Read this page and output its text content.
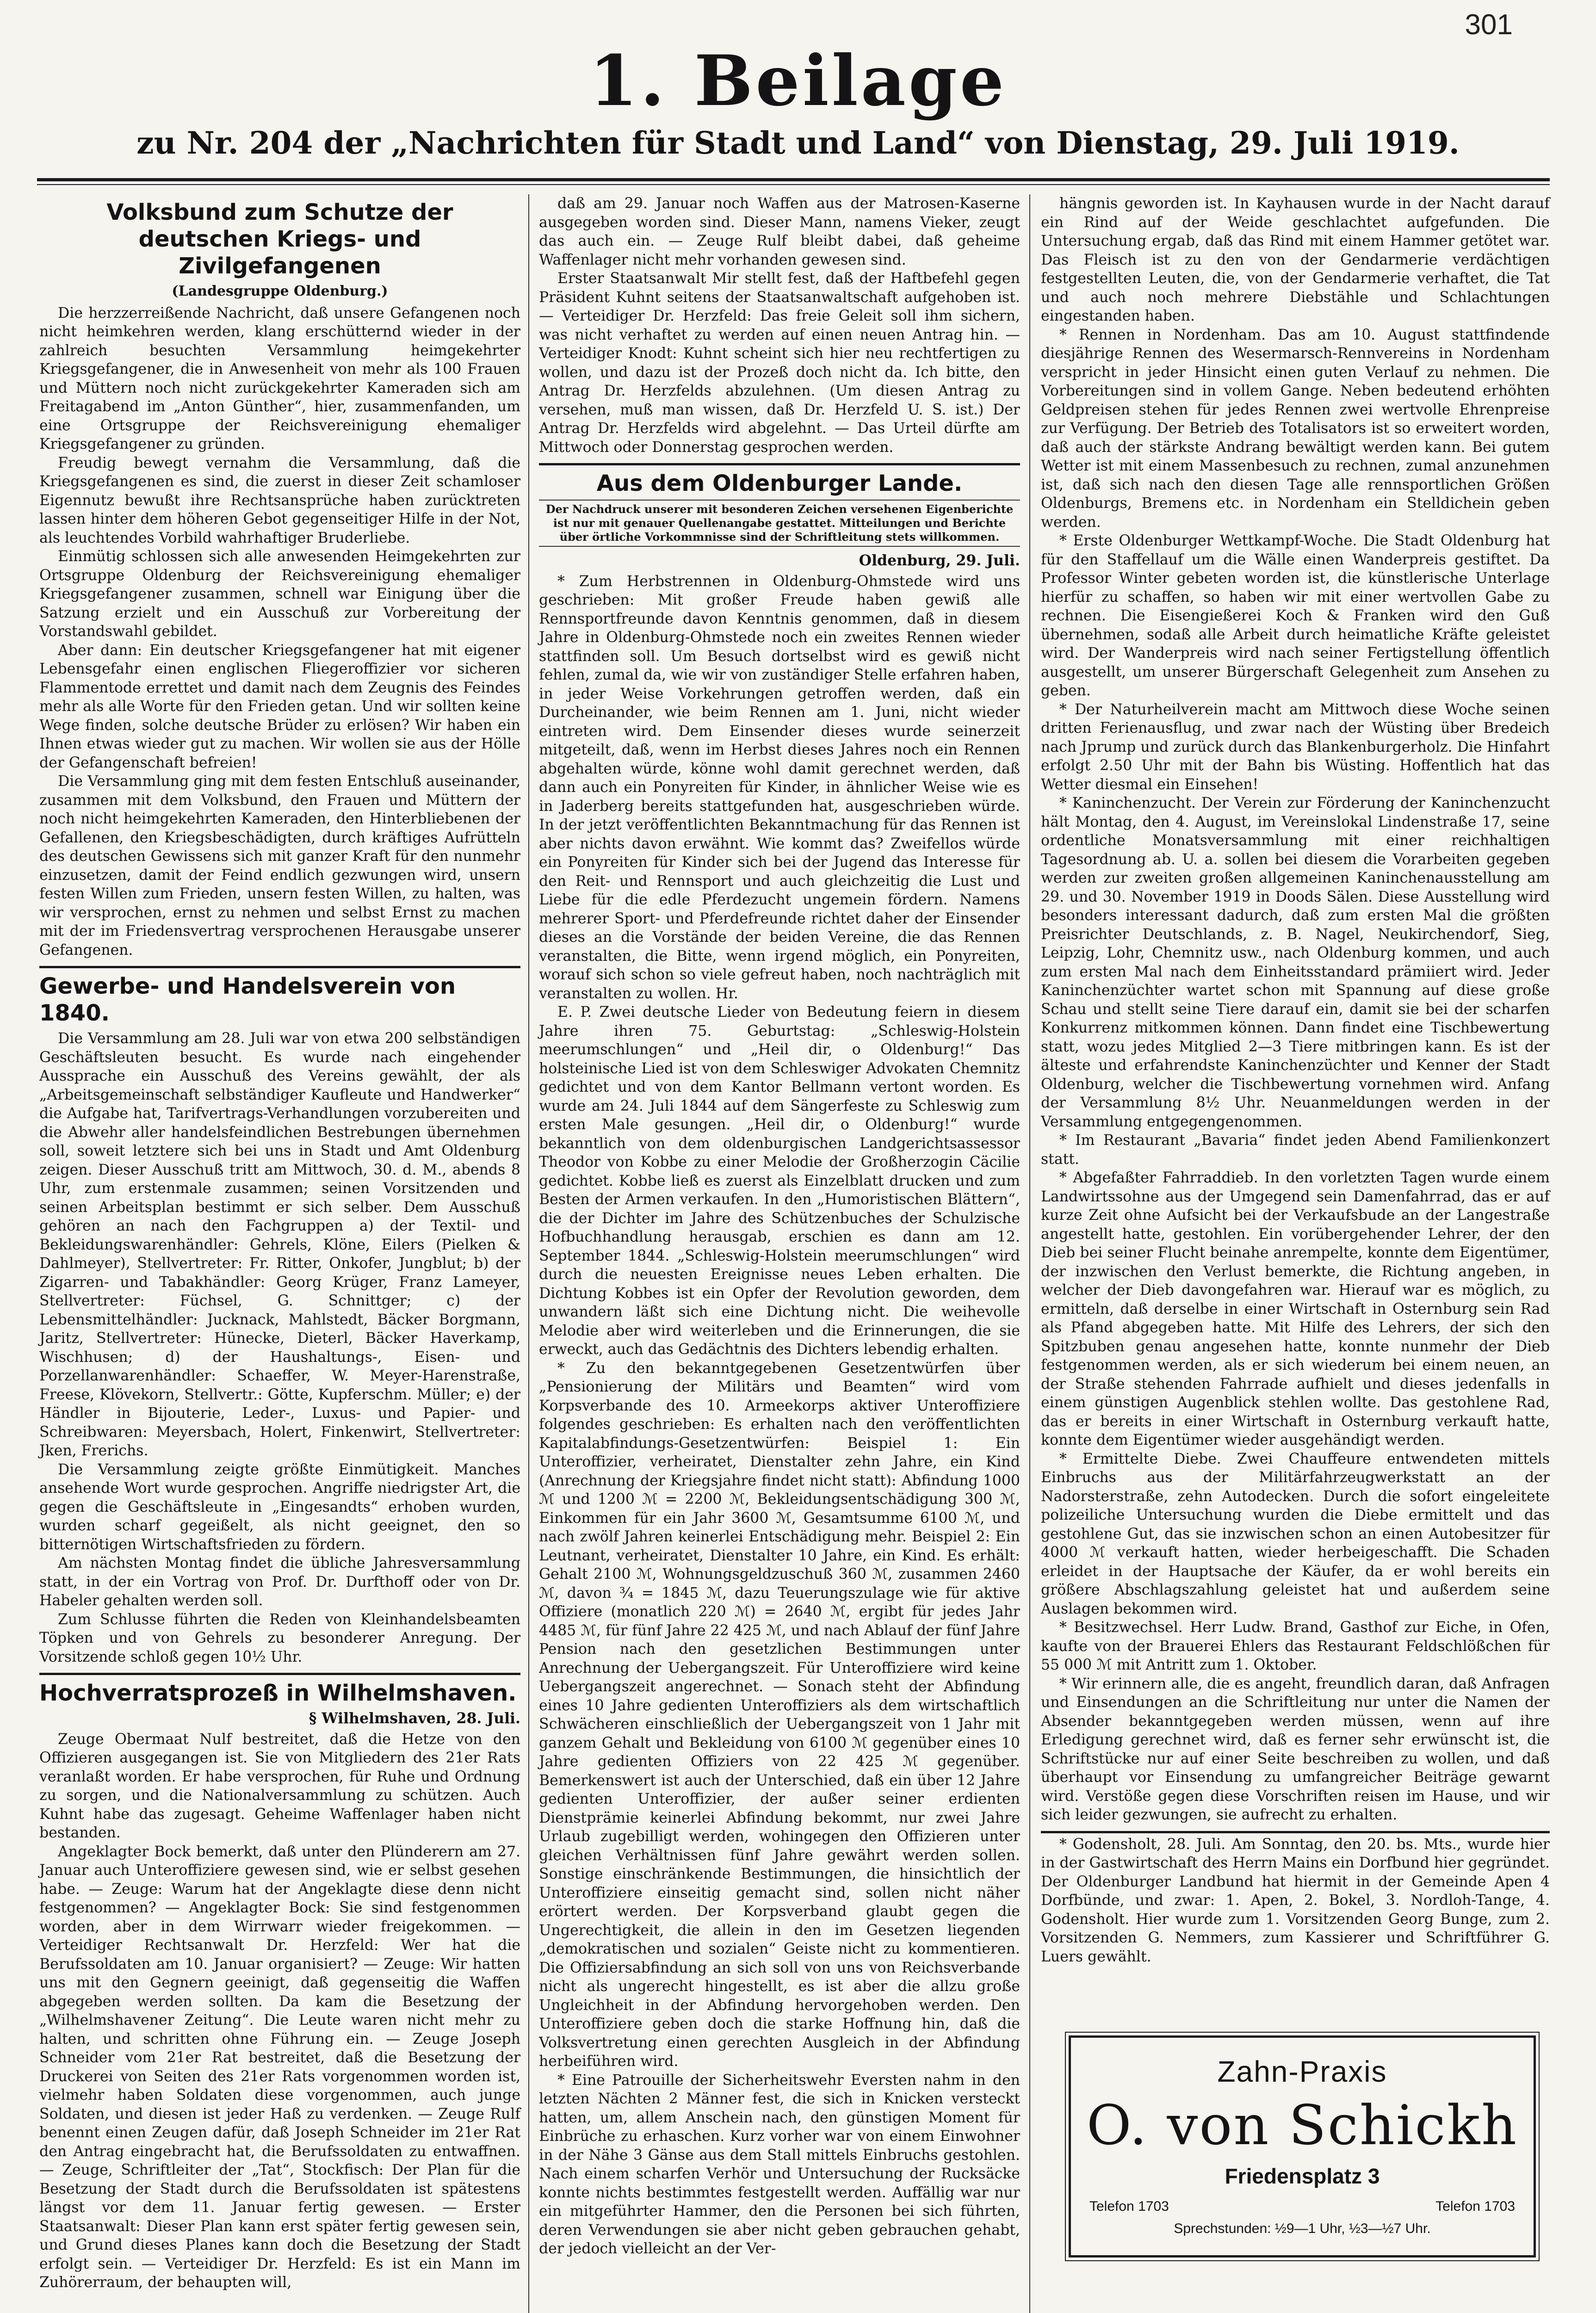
301
1. Beilage
zu Nr. 204 der „Nachrichten für Stadt und Land“ von Dienstag, 29. Juli 1919.
Volksbund zum Schutze der deutschen Kriegs- und Zivilgefangenen
(Landesgruppe Oldenburg.)

Die herzzerreißende Nachricht, daß unsere Gefangenen noch nicht heimkehren werden, klang erschütternd wieder in der zahlreich besuchten Versammlung heimgekehrter Kriegsgefangener, die in Anwesenheit von mehr als 100 Frauen und Müttern noch nicht zurückgekehrter Kameraden sich am Freitagabend im „Anton Günther“, hier, zusammenfanden, um eine Ortsgruppe der Reichsvereinigung ehemaliger Kriegsgefangener zu gründen.

Freudig bewegt vernahm die Versammlung, daß die Kriegsgefangenen es sind, die zuerst in dieser Zeit schamloser Eigennutz bewußt ihre Rechtsansprüche haben zurücktreten lassen hinter dem höheren Gebot gegenseitiger Hilfe in der Not, als leuchtendes Vorbild wahrhaftiger Bruderliebe.

Einmütig schlossen sich alle anwesenden Heimgekehrten zur Ortsgruppe Oldenburg der Reichsvereinigung ehemaliger Kriegsgefangener zusammen, schnell war Einigung über die Satzung erzielt und ein Ausschuß zur Vorbereitung der Vorstandswahl gebildet.

Aber dann: Ein deutscher Kriegsgefangener hat mit eigener Lebensgefahr einen englischen Fliegeroffizier vor sicheren Flammentode errettet und damit nach dem Zeugnis des Feindes mehr als alle Worte für den Frieden getan. Und wir sollten keine Wege finden, solche deutsche Brüder zu erlösen? Wir haben ein Ihnen etwas wieder gut zu machen. Wir wollen sie aus der Hölle der Gefangenschaft befreien!

Die Versammlung ging mit dem festen Entschluß auseinander, zusammen mit dem Volksbund, den Frauen und Müttern der noch nicht heimgekehrten Kameraden, den Hinterbliebenen der Gefallenen, den Kriegsbeschädigten, durch kräftiges Aufrütteln des deutschen Gewissens sich mit ganzer Kraft für den nunmehr einzusetzen, damit der Feind endlich gezwungen wird, unsern festen Willen zum Frieden, unsern festen Willen, zu halten, was wir versprochen, ernst zu nehmen und selbst Ernst zu machen mit der im Friedensvertrag versprochenen Herausgabe unserer Gefangenen.

Gewerbe- und Handelsverein von 1840.

Die Versammlung am 28. Juli war von etwa 200 selbständigen Geschäftsleuten besucht. Es wurde nach eingehender Aussprache ein Ausschuß des Vereins gewählt, der als „Arbeitsgemeinschaft selbständiger Kaufleute und Handwerker“ die Aufgabe hat, Tarifvertrags-Verhandlungen vorzubereiten und die Abwehr aller handelsfeindlichen Bestrebungen übernehmen soll, soweit letztere sich bei uns in Stadt und Amt Oldenburg zeigen. Dieser Ausschuß tritt am Mittwoch, 30. d. M., abends 8 Uhr, zum erstenmale zusammen; seinen Vorsitzenden und seinen Arbeitsplan bestimmt er sich selber. Dem Ausschuß gehören an nach den Fachgruppen a) der Textil- und Bekleidungswarenhändler: Gehrels, Klöne, Eilers (Pielken & Dahlmeyer), Stellvertreter: Fr. Ritter, Onkofer, Jungblut; b) der Zigarren- und Tabakhändler: Georg Krüger, Franz Lameyer, Stellvertreter: Füchsel, G. Schnittger; c) der Lebensmittelhändler: Jucknack, Mahlstedt, Bäcker Borgmann, Jaritz, Stellvertreter: Hünecke, Dieterl, Bäcker Haverkamp, Wischhusen; d) der Haushaltungs-, Eisen- und Porzellanwarenhändler: Schaeffer, W. Meyer-Harenstraße, Freese, Klövekorn, Stellvertr.: Götte, Kupferschm. Müller; e) der Händler in Bijouterie, Leder-, Luxus- und Papier- und Schreibwaren: Meyersbach, Holert, Finkenwirt, Stellvertreter: Jken, Frerichs.

Die Versammlung zeigte größte Einmütigkeit. Manches ansehende Wort wurde gesprochen. Angriffe niedrigster Art, die gegen die Geschäftsleute in „Eingesandts“ erhoben wurden, wurden scharf gegeißelt, als nicht geeignet, den so bitternötigen Wirtschaftsfrieden zu fördern.

Am nächsten Montag findet die übliche Jahresversammlung statt, in der ein Vortrag von Prof. Dr. Durfthoff oder von Dr. Habeler gehalten werden soll.

Zum Schlusse führten die Reden von Kleinhandelsbeamten Töpken und von Gehrels zu besonderer Anregung. Der Vorsitzende schloß gegen 10½ Uhr.

Hochverratsprozeß in Wilhelmshaven.
§ Wilhelmshaven, 28. Juli.

Zeuge Obermaat Nulf bestreitet, daß die Hetze von den Offizieren ausgegangen ist. Sie von Mitgliedern des 21er Rats veranlaßt worden. Er habe versprochen, für Ruhe und Ordnung zu sorgen, und die Nationalversammlung zu schützen. Auch Kuhnt habe das zugesagt. Geheime Waffenlager haben nicht bestanden.

Angeklagter Bock bemerkt, daß unter den Plünderern am 27. Januar auch Unteroffiziere gewesen sind, wie er selbst gesehen habe. — Zeuge: Warum hat der Angeklagte diese denn nicht festgenommen? — Angeklagter Bock: Sie sind festgenommen worden, aber in dem Wirrwarr wieder freigekommen. — Verteidiger Rechtsanwalt Dr. Herzfeld: Wer hat die Berufssoldaten am 10. Januar organisiert? — Zeuge: Wir hatten uns mit den Gegnern geeinigt, daß gegenseitig die Waffen abgegeben werden sollten. Da kam die Besetzung der „Wilhelmshavener Zeitung“. Die Leute waren nicht mehr zu halten, und schritten ohne Führung ein. — Zeuge Joseph Schneider vom 21er Rat bestreitet, daß die Besetzung der Druckerei von Seiten des 21er Rats vorgenommen worden ist, vielmehr haben Soldaten diese vorgenommen, auch junge Soldaten, und diesen ist jeder Haß zu verdenken. — Zeuge Rulf benennt einen Zeugen dafür, daß Joseph Schneider im 21er Rat den Antrag eingebracht hat, die Berufssoldaten zu entwaffnen. — Zeuge, Schriftleiter der „Tat“, Stockfisch: Der Plan für die Besetzung der Stadt durch die Berufssoldaten ist spätestens längst vor dem 11. Januar fertig gewesen. — Erster Staatsanwalt: Dieser Plan kann erst später fertig gewesen sein, und Grund dieses Planes kann doch die Besetzung der Stadt erfolgt sein. — Verteidiger Dr. Herzfeld: Es ist ein Mann im Zuhörerraum, der behaupten will,

daß am 29. Januar noch Waffen aus der Matrosen-Kaserne ausgegeben worden sind. Dieser Mann, namens Vieker, zeugt das auch ein. — Zeuge Rulf bleibt dabei, daß geheime Waffenlager nicht mehr vorhanden gewesen sind.

Erster Staatsanwalt Mir stellt fest, daß der Haftbefehl gegen Präsident Kuhnt seitens der Staatsanwaltschaft aufgehoben ist. — Verteidiger Dr. Herzfeld: Das freie Geleit soll ihm sichern, was nicht verhaftet zu werden auf einen neuen Antrag hin. — Verteidiger Knodt: Kuhnt scheint sich hier neu rechtfertigen zu wollen, und dazu ist der Prozeß doch nicht da. Ich bitte, den Antrag Dr. Herzfelds abzulehnen. (Um diesen Antrag zu versehen, muß man wissen, daß Dr. Herzfeld U. S. ist.) Der Antrag Dr. Herzfelds wird abgelehnt. — Das Urteil dürfte am Mittwoch oder Donnerstag gesprochen werden.

Aus dem Oldenburger Lande.
Der Nachdruck unserer mit besonderen Zeichen versehenen Eigenberichte ist nur mit genauer Quellenangabe gestattet. Mitteilungen und Berichte über örtliche Vorkommnisse sind der Schriftleitung stets willkommen.
Oldenburg, 29. Juli.

* Zum Herbstrennen in Oldenburg-Ohmstede wird uns geschrieben: Mit großer Freude haben gewiß alle Rennsportfreunde davon Kenntnis genommen, daß in diesem Jahre in Oldenburg-Ohmstede noch ein zweites Rennen wieder stattfinden soll. Um Besuch dortselbst wird es gewiß nicht fehlen, zumal da, wie wir von zuständiger Stelle erfahren haben, in jeder Weise Vorkehrungen getroffen werden, daß ein Durcheinander, wie beim Rennen am 1. Juni, nicht wieder eintreten wird. Dem Einsender dieses wurde seinerzeit mitgeteilt, daß, wenn im Herbst dieses Jahres noch ein Rennen abgehalten würde, könne wohl damit gerechnet werden, daß dann auch ein Ponyreiten für Kinder, in ähnlicher Weise wie es in Jaderberg bereits stattgefunden hat, ausgeschrieben würde. In der jetzt veröffentlichten Bekanntmachung für das Rennen ist aber nichts davon erwähnt. Wie kommt das? Zweifellos würde ein Ponyreiten für Kinder sich bei der Jugend das Interesse für den Reit- und Rennsport und auch gleichzeitig die Lust und Liebe für die edle Pferdezucht ungemein fördern. Namens mehrerer Sport- und Pferdefreunde richtet daher der Einsender dieses an die Vorstände der beiden Vereine, die das Rennen veranstalten, die Bitte, wenn irgend möglich, ein Ponyreiten, worauf sich schon so viele gefreut haben, noch nachträglich mit veranstalten zu wollen. Hr.

E. P. Zwei deutsche Lieder von Bedeutung feiern in diesem Jahre ihren 75. Geburtstag: „Schleswig-Holstein meerumschlungen“ und „Heil dir, o Oldenburg!“ Das holsteinische Lied ist von dem Schleswiger Advokaten Chemnitz gedichtet und von dem Kantor Bellmann vertont worden. Es wurde am 24. Juli 1844 auf dem Sängerfeste zu Schleswig zum ersten Male gesungen. „Heil dir, o Oldenburg!“ wurde bekanntlich von dem oldenburgischen Landgerichtsassessor Theodor von Kobbe zu einer Melodie der Großherzogin Cäcilie gedichtet. Kobbe ließ es zuerst als Einzelblatt drucken und zum Besten der Armen verkaufen. In den „Humoristischen Blättern“, die der Dichter im Jahre des Schützenbuches der Schulzische Hofbuchhandlung herausgab, erschien es dann am 12. September 1844. „Schleswig-Holstein meerumschlungen“ wird durch die neuesten Ereignisse neues Leben erhalten. Die Dichtung Kobbes ist ein Opfer der Revolution geworden, dem unwandern läßt sich eine Dichtung nicht. Die weihevolle Melodie aber wird weiterleben und die Erinnerungen, die sie erweckt, auch das Gedächtnis des Dichters lebendig erhalten.

* Zu den bekanntgegebenen Gesetzentwürfen über „Pensionierung der Militärs und Beamten“ wird vom Korpsverbande des 10. Armeekorps aktiver Unteroffiziere folgendes geschrieben: Es erhalten nach den veröffentlichten Kapitalabfindungs-Gesetzentwürfen: Beispiel 1: Ein Unteroffizier, verheiratet, Dienstalter zehn Jahre, ein Kind (Anrechnung der Kriegsjahre findet nicht statt): Abfindung 1000 ℳ und 1200 ℳ = 2200 ℳ, Bekleidungsentschädigung 300 ℳ, Einkommen für ein Jahr 3600 ℳ, Gesamtsumme 6100 ℳ, und nach zwölf Jahren keinerlei Entschädigung mehr. Beispiel 2: Ein Leutnant, verheiratet, Dienstalter 10 Jahre, ein Kind. Es erhält: Gehalt 2100 ℳ, Wohnungsgeldzuschuß 360 ℳ, zusammen 2460 ℳ, davon ¾ = 1845 ℳ, dazu Teuerungszulage wie für aktive Offiziere (monatlich 220 ℳ) = 2640 ℳ, ergibt für jedes Jahr 4485 ℳ, für fünf Jahre 22 425 ℳ, und nach Ablauf der fünf Jahre Pension nach den gesetzlichen Bestimmungen unter Anrechnung der Uebergangszeit. Für Unteroffiziere wird keine Uebergangszeit angerechnet. — Sonach steht der Abfindung eines 10 Jahre gedienten Unteroffiziers als dem wirtschaftlich Schwächeren einschließlich der Uebergangszeit von 1 Jahr mit ganzem Gehalt und Bekleidung von 6100 ℳ gegenüber eines 10 Jahre gedienten Offiziers von 22 425 ℳ gegenüber. Bemerkenswert ist auch der Unterschied, daß ein über 12 Jahre gedienten Unteroffizier, der außer seiner erdienten Dienstprämie keinerlei Abfindung bekommt, nur zwei Jahre Urlaub zugebilligt werden, wohingegen den Offizieren unter gleichen Verhältnissen fünf Jahre gewährt werden sollen. Sonstige einschränkende Bestimmungen, die hinsichtlich der Unteroffiziere einseitig gemacht sind, sollen nicht näher erörtert werden. Der Korpsverband glaubt gegen die Ungerechtigkeit, die allein in den im Gesetzen liegenden „demokratischen und sozialen“ Geiste nicht zu kommentieren. Die Offiziersabfindung an sich soll von uns von Reichsverbande nicht als ungerecht hingestellt, es ist aber die allzu große Ungleichheit in der Abfindung hervorgehoben werden. Den Unteroffiziere geben doch die starke Hoffnung hin, daß die Volksvertretung einen gerechten Ausgleich in der Abfindung herbeiführen wird.

* Eine Patrouille der Sicherheitswehr Eversten nahm in den letzten Nächten 2 Männer fest, die sich in Knicken versteckt hatten, um, allem Anschein nach, den günstigen Moment für Einbrüche zu erhaschen. Kurz vorher war von einem Einwohner in der Nähe 3 Gänse aus dem Stall mittels Einbruchs gestohlen. Nach einem scharfen Verhör und Untersuchung der Rucksäcke konnte nichts bestimmtes festgestellt werden. Auffällig war nur ein mitgeführter Hammer, den die Personen bei sich führten, deren Verwendungen sie aber nicht geben gebrauchen gehabt, der jedoch vielleicht an der Ver-

hängnis geworden ist. In Kayhausen wurde in der Nacht darauf ein Rind auf der Weide geschlachtet aufgefunden. Die Untersuchung ergab, daß das Rind mit einem Hammer getötet war. Das Fleisch ist zu den von der Gendarmerie verdächtigen festgestellten Leuten, die, von der Gendarmerie verhaftet, die Tat und auch noch mehrere Diebstähle und Schlachtungen eingestanden haben.

* Rennen in Nordenham. Das am 10. August stattfindende diesjährige Rennen des Wesermarsch-Rennvereins in Nordenham verspricht in jeder Hinsicht einen guten Verlauf zu nehmen. Die Vorbereitungen sind in vollem Gange. Neben bedeutend erhöhten Geldpreisen stehen für jedes Rennen zwei wertvolle Ehrenpreise zur Verfügung. Der Betrieb des Totalisators ist so erweitert worden, daß auch der stärkste Andrang bewältigt werden kann. Bei gutem Wetter ist mit einem Massenbesuch zu rechnen, zumal anzunehmen ist, daß sich nach den diesen Tage alle rennsportlichen Größen Oldenburgs, Bremens etc. in Nordenham ein Stelldichein geben werden.

* Erste Oldenburger Wettkampf-Woche. Die Stadt Oldenburg hat für den Staffellauf um die Wälle einen Wanderpreis gestiftet. Da Professor Winter gebeten worden ist, die künstlerische Unterlage hierfür zu schaffen, so haben wir mit einer wertvollen Gabe zu rechnen. Die Eisengießerei Koch & Franken wird den Guß übernehmen, sodaß alle Arbeit durch heimatliche Kräfte geleistet wird. Der Wanderpreis wird nach seiner Fertigstellung öffentlich ausgestellt, um unserer Bürgerschaft Gelegenheit zum Ansehen zu geben.

* Der Naturheilverein macht am Mittwoch diese Woche seinen dritten Ferienausflug, und zwar nach der Wüsting über Bredeich nach Jprump und zurück durch das Blankenburgerholz. Die Hinfahrt erfolgt 2.50 Uhr mit der Bahn bis Wüsting. Hoffentlich hat das Wetter diesmal ein Einsehen!

* Kaninchenzucht. Der Verein zur Förderung der Kaninchenzucht hält Montag, den 4. August, im Vereinslokal Lindenstraße 17, seine ordentliche Monatsversammlung mit einer reichhaltigen Tagesordnung ab. U. a. sollen bei diesem die Vorarbeiten gegeben werden zur zweiten großen allgemeinen Kaninchenausstellung am 29. und 30. November 1919 in Doods Sälen. Diese Ausstellung wird besonders interessant dadurch, daß zum ersten Mal die größten Preisrichter Deutschlands, z. B. Nagel, Neukirchendorf, Sieg, Leipzig, Lohr, Chemnitz usw., nach Oldenburg kommen, und auch zum ersten Mal nach dem Einheitsstandard prämiiert wird. Jeder Kaninchenzüchter wartet schon mit Spannung auf diese große Schau und stellt seine Tiere darauf ein, damit sie bei der scharfen Konkurrenz mitkommen können. Dann findet eine Tischbewertung statt, wozu jedes Mitglied 2—3 Tiere mitbringen kann. Es ist der älteste und erfahrendste Kaninchenzüchter und Kenner der Stadt Oldenburg, welcher die Tischbewertung vornehmen wird. Anfang der Versammlung 8½ Uhr. Neuanmeldungen werden in der Versammlung entgegengenommen.

* Im Restaurant „Bavaria“ findet jeden Abend Familienkonzert statt.

* Abgefaßter Fahrraddieb. In den vorletzten Tagen wurde einem Landwirtssohne aus der Umgegend sein Damenfahrrad, das er auf kurze Zeit ohne Aufsicht bei der Verkaufsbude an der Langestraße angestellt hatte, gestohlen. Ein vorübergehender Lehrer, der den Dieb bei seiner Flucht beinahe anrempelte, konnte dem Eigentümer, der inzwischen den Verlust bemerkte, die Richtung angeben, in welcher der Dieb davongefahren war. Hierauf war es möglich, zu ermitteln, daß derselbe in einer Wirtschaft in Osternburg sein Rad als Pfand abgegeben hatte. Mit Hilfe des Lehrers, der sich den Spitzbuben genau angesehen hatte, konnte nunmehr der Dieb festgenommen werden, als er sich wiederum bei einem neuen, an der Straße stehenden Fahrrade aufhielt und dieses jedenfalls in einem günstigen Augenblick stehlen wollte. Das gestohlene Rad, das er bereits in einer Wirtschaft in Osternburg verkauft hatte, konnte dem Eigentümer wieder ausgehändigt werden.

* Ermittelte Diebe. Zwei Chauffeure entwendeten mittels Einbruchs aus der Militärfahrzeugwerkstatt an der Nadorsterstraße, zehn Autodecken. Durch die sofort eingeleitete polizeiliche Untersuchung wurden die Diebe ermittelt und das gestohlene Gut, das sie inzwischen schon an einen Autobesitzer für 4000 ℳ verkauft hatten, wieder herbeigeschafft. Die Schaden erleidet in der Hauptsache der Käufer, da er wohl bereits ein größere Abschlagszahlung geleistet hat und außerdem seine Auslagen bekommen wird.

* Besitzwechsel. Herr Ludw. Brand, Gasthof zur Eiche, in Ofen, kaufte von der Brauerei Ehlers das Restaurant Feldschlößchen für 55 000 ℳ mit Antritt zum 1. Oktober.

* Wir erinnern alle, die es angeht, freundlich daran, daß Anfragen und Einsendungen an die Schriftleitung nur unter die Namen der Absender bekanntgegeben werden müssen, wenn auf ihre Erledigung gerechnet wird, daß es ferner sehr erwünscht ist, die Schriftstücke nur auf einer Seite beschreiben zu wollen, und daß überhaupt vor Einsendung zu umfangreicher Beiträge gewarnt wird. Verstöße gegen diese Vorschriften reisen im Hause, und wir sich leider gezwungen, sie aufrecht zu erhalten.

* Godensholt, 28. Juli. Am Sonntag, den 20. bs. Mts., wurde hier in der Gastwirtschaft des Herrn Mains ein Dorfbund hier gegründet. Der Oldenburger Landbund hat hiermit in der Gemeinde Apen 4 Dorfbünde, und zwar: 1. Apen, 2. Bokel, 3. Nordloh-Tange, 4. Godensholt. Hier wurde zum 1. Vorsitzenden Georg Bunge, zum 2. Vorsitzenden G. Nemmers, zum Kassierer und Schriftführer G. Luers gewählt.

Zahn-Praxis
O. von Schickh
Friedensplatz 3
Telefon 1703	Telefon 1703
Sprechstunden: ½9—1 Uhr, ½3—½7 Uhr.
